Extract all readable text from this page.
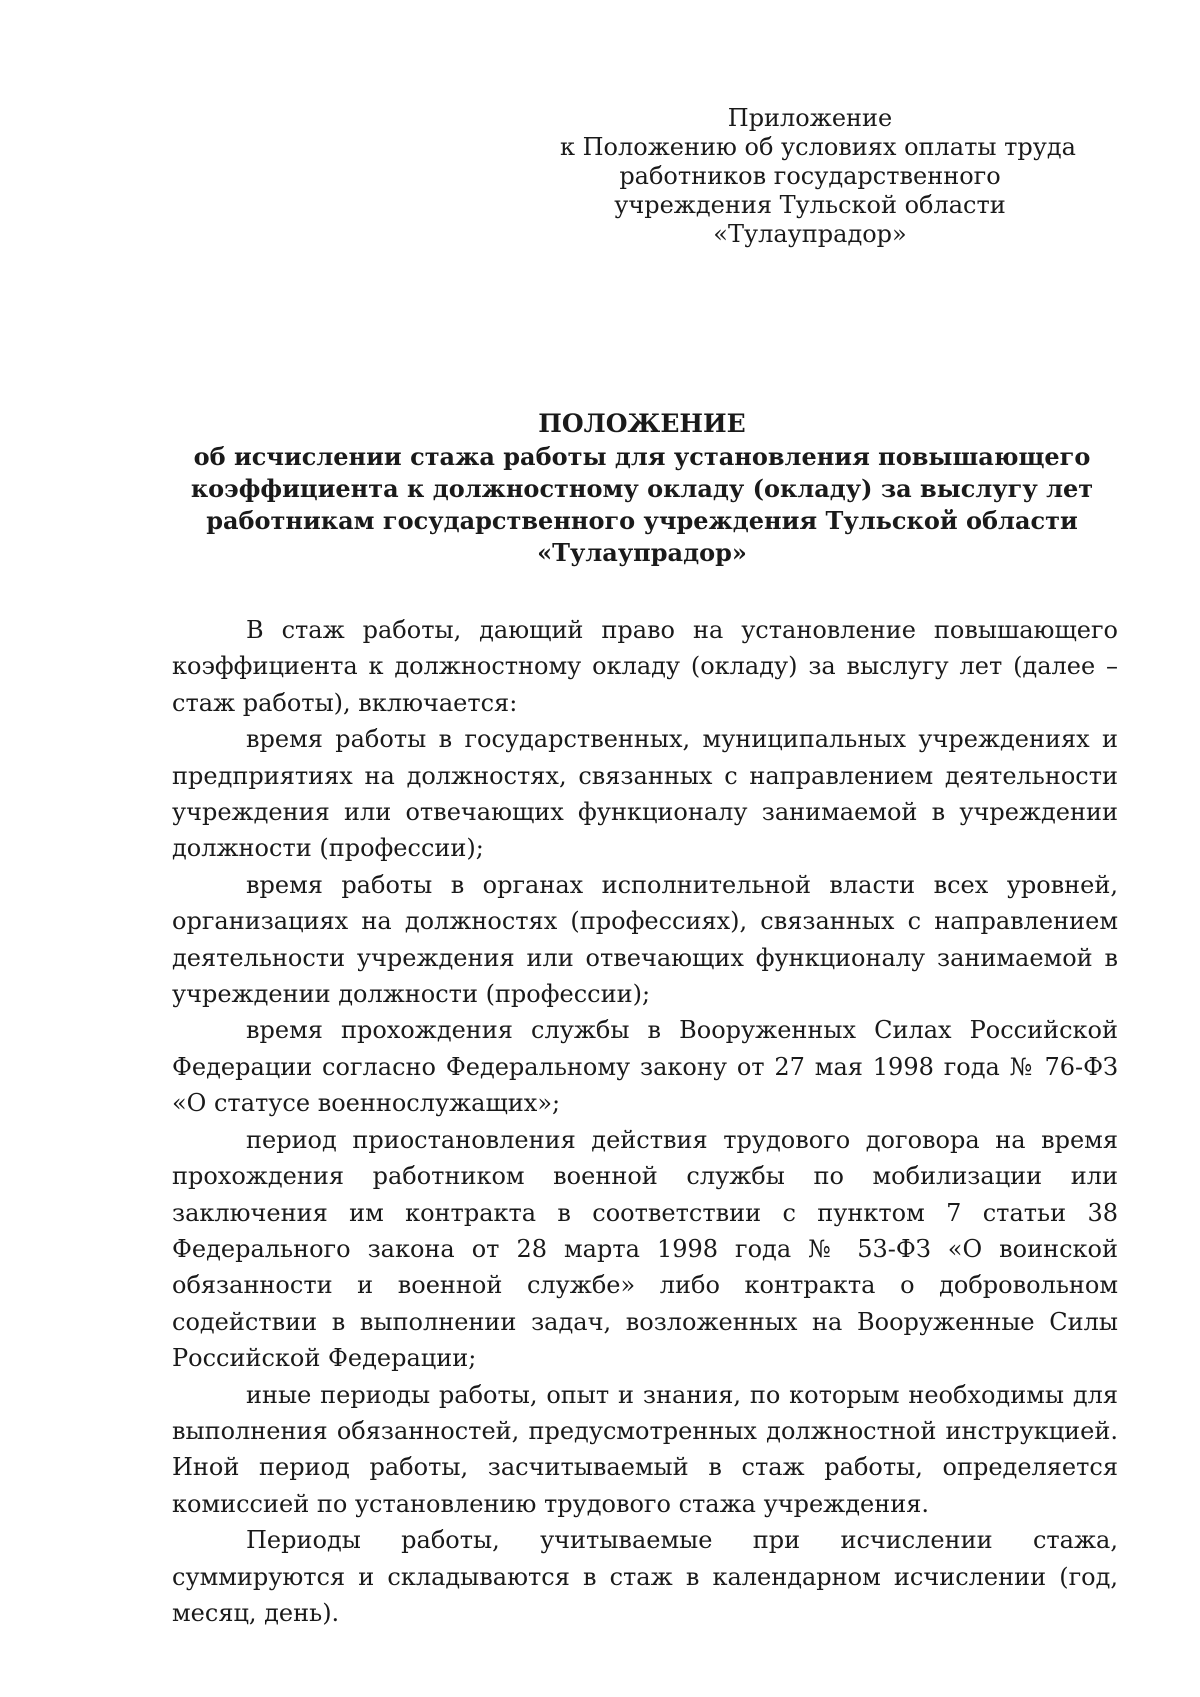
Приложение
к Положению об условиях оплаты труда
работников государственного
учреждения Тульской области
«Тулаупрадор»
ПОЛОЖЕНИЕ
об исчислении стажа работы для установления повышающего
коэффициента к должностному окладу (окладу) за выслугу лет
работникам государственного учреждения Тульской области
«Тулаупрадор»

В стаж работы, дающий право на установление повышающего коэффициента к должностному окладу (окладу) за выслугу лет (далее – стаж работы), включается:

время работы в государственных, муниципальных учреждениях и предприятиях на должностях, связанных с направлением деятельности учреждения или отвечающих функционалу занимаемой в учреждении должности (профессии);

время работы в органах исполнительной власти всех уровней, организациях на должностях (профессиях), связанных с направлением деятельности учреждения или отвечающих функционалу занимаемой в учреждении должности (профессии);

время прохождения службы в Вооруженных Силах Российской Федерации согласно Федеральному закону от 27 мая 1998 года № 76-ФЗ «О статусе военнослужащих»;

период приостановления действия трудового договора на время прохождения работником военной службы по мобилизации или заключения им контракта в соответствии с пунктом 7 статьи 38 Федерального закона от 28 марта 1998 года № 53-ФЗ «О воинской обязанности и военной службе» либо контракта о добровольном содействии в выполнении задач, возложенных на Вооруженные Силы Российской Федерации;

иные периоды работы, опыт и знания, по которым необходимы для выполнения обязанностей, предусмотренных должностной инструкцией. Иной период работы, засчитываемый в стаж работы, определяется комиссией по установлению трудового стажа учреждения.

Периоды работы, учитываемые при исчислении стажа, суммируются и складываются в стаж в календарном исчислении (год, месяц, день).
